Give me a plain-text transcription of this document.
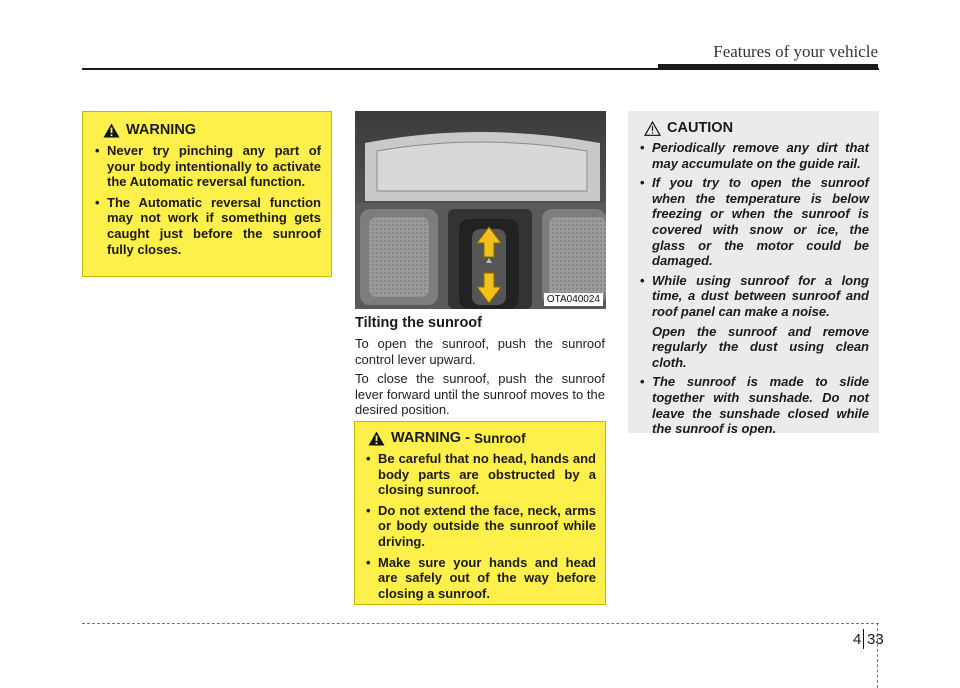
Features of your vehicle
WARNING
• Never try pinching any part of your body intentionally to activate the Automatic reversal function.
• The Automatic reversal function may not work if something gets caught just before the sunroof fully closes.
OTA040024
Tilting the sunroof

To open the sunroof, push the sunroof control lever upward.

To close the sunroof, push the sunroof lever forward until the sunroof moves to the desired position.

WARNING - Sunroof
• Be careful that no head, hands and body parts are obstructed by a closing sunroof.
• Do not extend the face, neck, arms or body outside the sunroof while driving.
• Make sure your hands and head are safely out of the way before closing a sunroof.
CAUTION
• Periodically remove any dirt that may accumulate on the guide rail.
• If you try to open the sunroof when the temperature is below freezing or when the sunroof is covered with snow or ice, the glass or the motor could be damaged.
• While using sunroof for a long time, a dust between sunroof and roof panel can make a noise.
Open the sunroof and remove regularly the dust using clean cloth.
• The sunroof is made to slide together with sunshade. Do not leave the sunshade closed while the sunroof is open.
4 33
